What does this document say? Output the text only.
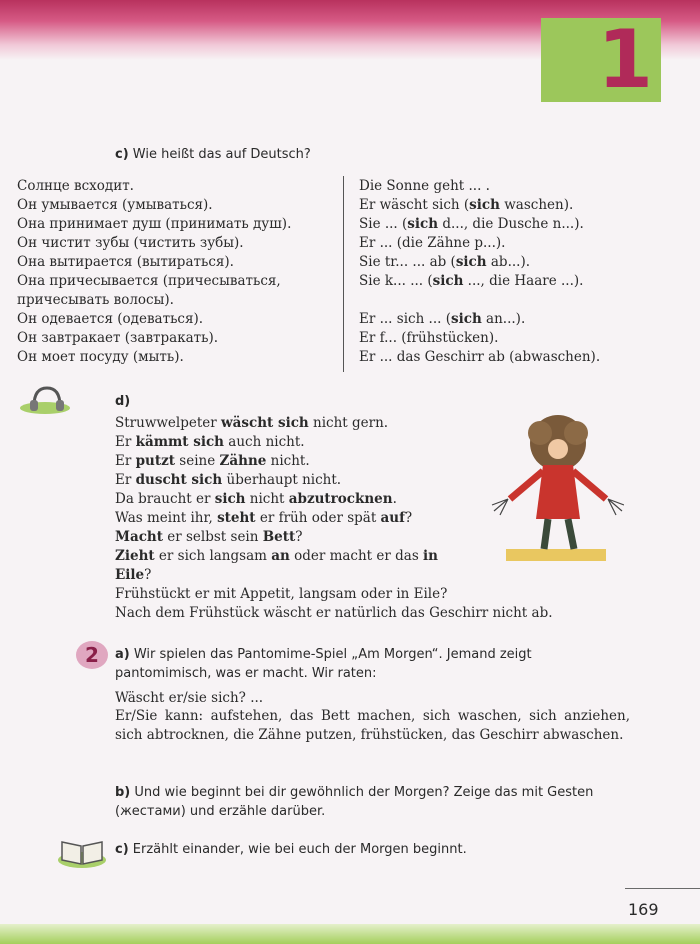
1
c) Wie heißt das auf Deutsch?
Солнце всходит.
Он умывается (умываться).
Она принимает душ (принимать душ).
Он чистит зубы (чистить зубы).
Она вытирается (вытираться).
Она причесывается (причесываться,
причесывать волосы).
Он одевается (одеваться).
Он завтракает (завтракать).
Он моет посуду (мыть).
Die Sonne geht ... .
Er wäscht sich (sich waschen).
Sie ... (sich d..., die Dusche n...).
Er ... (die Zähne p...).
Sie tr... ... ab (sich ab...).
Sie k... ... (sich ..., die Haare ...).
Er ... sich ... (sich an...).
Er f... (frühstücken).
Er ... das Geschirr ab (abwaschen).
d)
Struwwelpeter wäscht sich nicht gern.
Er kämmt sich auch nicht.
Er putzt seine Zähne nicht.
Er duscht sich überhaupt nicht.
Da braucht er sich nicht abzutrocknen.
Was meint ihr, steht er früh oder spät auf?
Macht er selbst sein Bett?
Zieht er sich langsam an oder macht er das in
Eile?
Frühstückt er mit Appetit, langsam oder in Eile?
Nach dem Frühstück wäscht er natürlich das Geschirr nicht ab.
2	a) Wir spielen das Pantomime-Spiel „Am Morgen“. Jemand zeigt pantomimisch, was er macht. Wir raten:
Wäscht er/sie sich? ...
Er/Sie kann: aufstehen, das Bett machen, sich waschen, sich anziehen, sich abtrocknen, die Zähne putzen, frühstücken, das Geschirr abwaschen.
b) Und wie beginnt bei dir gewöhnlich der Morgen? Zeige das mit Gesten (жестами) und erzähle darüber.
c) Erzählt einander, wie bei euch der Morgen beginnt.
169
